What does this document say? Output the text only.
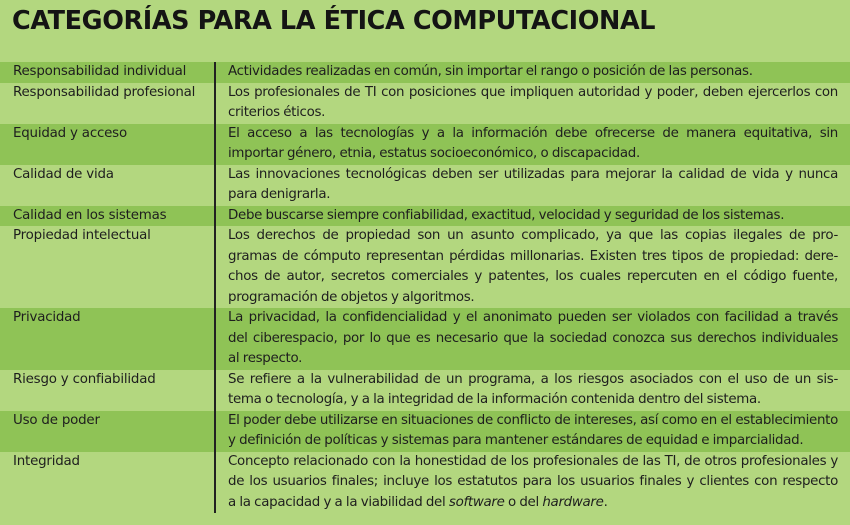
CATEGORÍAS PARA LA ÉTICA COMPUTACIONAL
Responsabilidad individual	Actividades realizadas en común, sin importar el rango o posición de las personas.
Responsabilidad profesional	Los profesionales de TI con posiciones que impliquen autoridad y poder, deben ejercerlos con
criterios éticos.
Equidad y acceso	El acceso a las tecnologías y a la información debe ofrecerse de manera equitativa, sin
importar género, etnia, estatus socioeconómico, o discapacidad.
Calidad de vida	Las innovaciones tecnológicas deben ser utilizadas para mejorar la calidad de vida y nunca
para denigrarla.
Calidad en los sistemas	Debe buscarse siempre confiabilidad, exactitud, velocidad y seguridad de los sistemas.
Propiedad intelectual	Los derechos de propiedad son un asunto complicado, ya que las copias ilegales de pro-
gramas de cómputo representan pérdidas millonarias. Existen tres tipos de propiedad: dere-
chos de autor, secretos comerciales y patentes, los cuales repercuten en el código fuente,
programación de objetos y algoritmos.
Privacidad	La privacidad, la confidencialidad y el anonimato pueden ser violados con facilidad a través
del ciberespacio, por lo que es necesario que la sociedad conozca sus derechos individuales
al respecto.
Riesgo y confiabilidad	Se refiere a la vulnerabilidad de un programa, a los riesgos asociados con el uso de un sis-
tema o tecnología, y a la integridad de la información contenida dentro del sistema.
Uso de poder	El poder debe utilizarse en situaciones de conflicto de intereses, así como en el establecimiento
y definición de políticas y sistemas para mantener estándares de equidad e imparcialidad.
Integridad	Concepto relacionado con la honestidad de los profesionales de las TI, de otros profesionales y
de los usuarios finales; incluye los estatutos para los usuarios finales y clientes con respecto
a la capacidad y a la viabilidad del software o del hardware.
